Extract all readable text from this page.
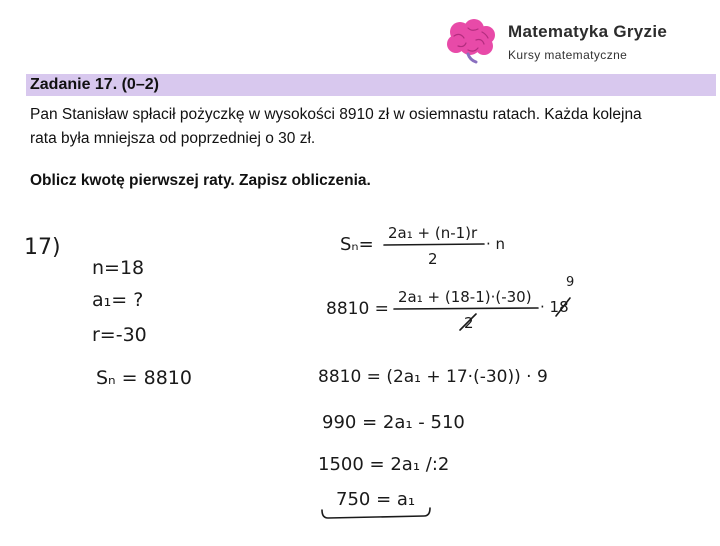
Matematyka Gryzie
Kursy matematyczne
Zadanie 17. (0–2)

Pan Stanisław spłacił pożyczkę w wysokości 8910 zł w osiemnastu ratach. Każda kolejna

rata była mniejsza od poprzedniej o 30 zł.

Oblicz kwotę pierwszej raty. Zapisz obliczenia.
17)
n=18
a₁= ?
r=-30
Sₙ = 8810
Sₙ=
2a₁ + (n-1)r
2
· n
8810 =
2a₁ + (18-1)·(-30)
2
· 18
9
8810 = (2a₁ + 17·(-30)) · 9
990 = 2a₁ - 510
1500 = 2a₁ /:2
750 = a₁
